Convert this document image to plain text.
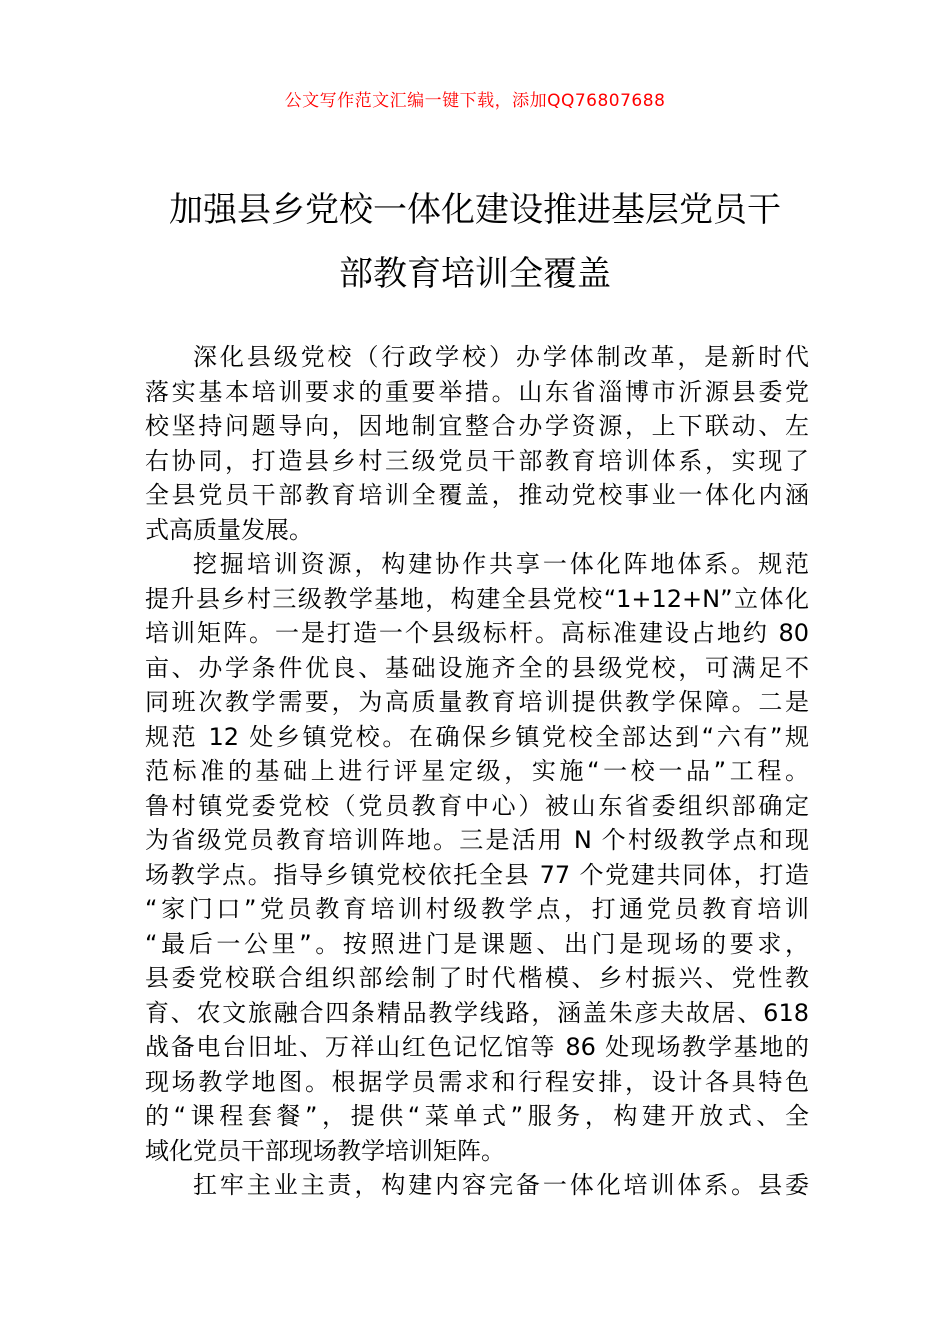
公文写作范文汇编一键下载，添加QQ76807688
加强县乡党校一体化建设推进基层党员干
部教育培训全覆盖
深化县级党校（行政学校）办学体制改革，是新时代
落实基本培训要求的重要举措。山东省淄博市沂源县委党
校坚持问题导向，因地制宜整合办学资源，上下联动、左
右协同，打造县乡村三级党员干部教育培训体系，实现了
全县党员干部教育培训全覆盖，推动党校事业一体化内涵
式高质量发展。
挖掘培训资源，构建协作共享一体化阵地体系。规范
提升县乡村三级教学基地，构建全县党校“1+12+N”立体化
培训矩阵。一是打造一个县级标杆。高标准建设占地约 80
亩、办学条件优良、基础设施齐全的县级党校，可满足不
同班次教学需要，为高质量教育培训提供教学保障。二是
规范 12 处乡镇党校。在确保乡镇党校全部达到“六有”规
范标准的基础上进行评星定级，实施“一校一品”工程。
鲁村镇党委党校（党员教育中心）被山东省委组织部确定
为省级党员教育培训阵地。三是活用 N 个村级教学点和现
场教学点。指导乡镇党校依托全县 77 个党建共同体，打造
“家门口”党员教育培训村级教学点，打通党员教育培训
“最后一公里”。按照进门是课题、出门是现场的要求，
县委党校联合组织部绘制了时代楷模、乡村振兴、党性教
育、农文旅融合四条精品教学线路，涵盖朱彦夫故居、618
战备电台旧址、万祥山红色记忆馆等 86 处现场教学基地的
现场教学地图。根据学员需求和行程安排，设计各具特色
的“课程套餐”，提供“菜单式”服务，构建开放式、全
域化党员干部现场教学培训矩阵。
扛牢主业主责，构建内容完备一体化培训体系。县委
